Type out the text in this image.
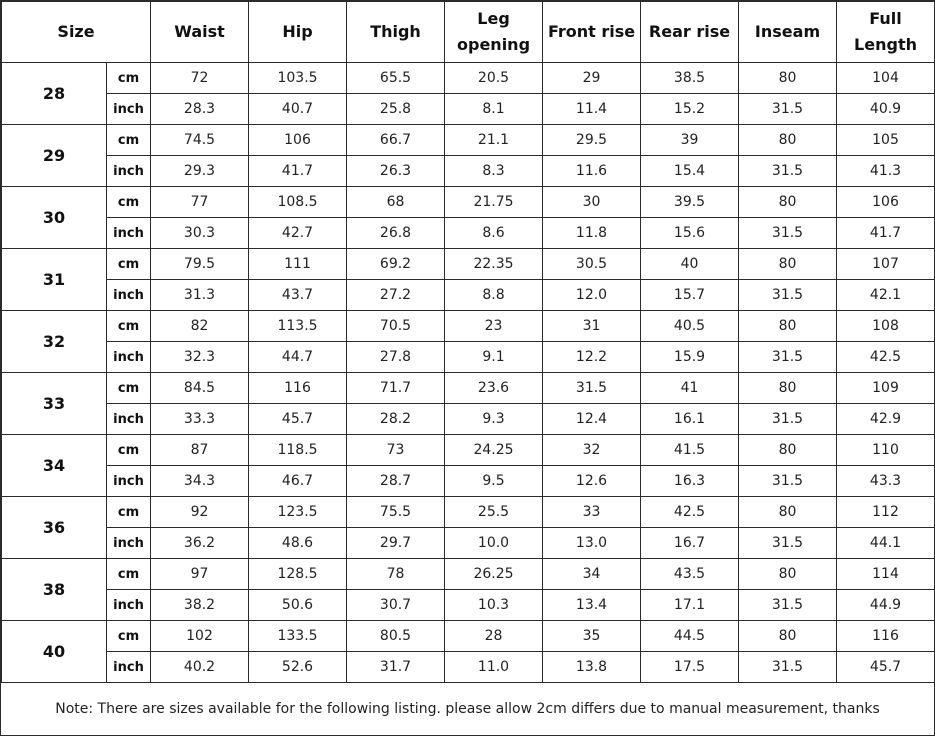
Size		Waist	Hip	Thigh	Leg opening	Front rise	Rear rise	Inseam	Full Length
28	cm	72	103.5	65.5	20.5	29	38.5	80	104
	inch	28.3	40.7	25.8	8.1	11.4	15.2	31.5	40.9
29	cm	74.5	106	66.7	21.1	29.5	39	80	105
	inch	29.3	41.7	26.3	8.3	11.6	15.4	31.5	41.3
30	cm	77	108.5	68	21.75	30	39.5	80	106
	inch	30.3	42.7	26.8	8.6	11.8	15.6	31.5	41.7
31	cm	79.5	111	69.2	22.35	30.5	40	80	107
	inch	31.3	43.7	27.2	8.8	12.0	15.7	31.5	42.1
32	cm	82	113.5	70.5	23	31	40.5	80	108
	inch	32.3	44.7	27.8	9.1	12.2	15.9	31.5	42.5
33	cm	84.5	116	71.7	23.6	31.5	41	80	109
	inch	33.3	45.7	28.2	9.3	12.4	16.1	31.5	42.9
34	cm	87	118.5	73	24.25	32	41.5	80	110
	inch	34.3	46.7	28.7	9.5	12.6	16.3	31.5	43.3
36	cm	92	123.5	75.5	25.5	33	42.5	80	112
	inch	36.2	48.6	29.7	10.0	13.0	16.7	31.5	44.1
38	cm	97	128.5	78	26.25	34	43.5	80	114
	inch	38.2	50.6	30.7	10.3	13.4	17.1	31.5	44.9
40	cm	102	133.5	80.5	28	35	44.5	80	116
	inch	40.2	52.6	31.7	11.0	13.8	17.5	31.5	45.7
Note: There are sizes available for the following listing. please allow 2cm differs due to manual measurement, thanks
